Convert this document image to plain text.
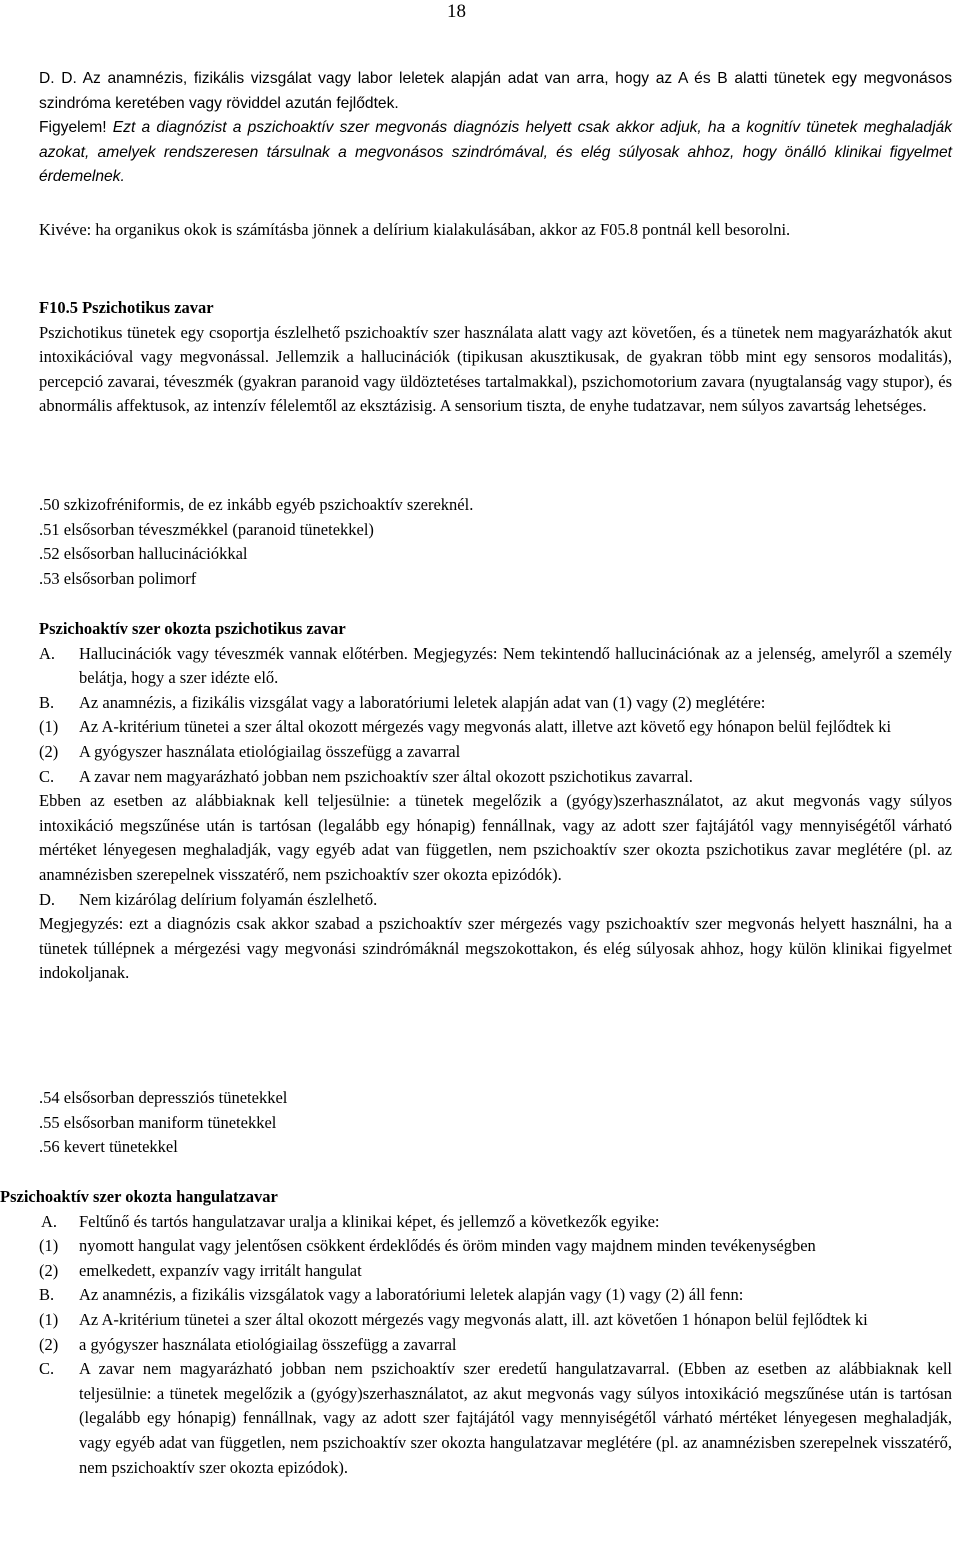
18

D. D. Az anamnézis, fizikális vizsgálat vagy labor leletek alapján adat van arra, hogy az A és B alatti tünetek egy megvonásos szindróma keretében vagy röviddel azután fejlődtek.

Figyelem! Ezt a diagnózist a pszichoaktív szer megvonás diagnózis helyett csak akkor adjuk, ha a kognitív tünetek meghaladják azokat, amelyek rendszeresen társulnak a megvonásos szindrómával, és elég súlyosak ahhoz, hogy önálló klinikai figyelmet érdemelnek.

Kivéve: ha organikus okok is számításba jönnek a delírium kialakulásában, akkor az F05.8 pontnál kell besorolni.

F10.5 Pszichotikus zavar

Pszichotikus tünetek egy csoportja észlelhető pszichoaktív szer használata alatt vagy azt követően, és a tünetek nem magyarázhatók akut intoxikációval vagy megvonással. Jellemzik a hallucinációk (tipikusan akusztikusak, de gyakran több mint egy sensoros modalitás), percepció zavarai, téveszmék (gyakran paranoid vagy üldöztetéses tartalmakkal), pszichomotorium zavara (nyugtalanság vagy stupor), és abnormális affektusok, az intenzív félelemtől az eksztázisig. A sensorium tiszta, de enyhe tudatzavar, nem súlyos zavartság lehetséges.

.50 szkizofréniformis, de ez inkább egyéb pszichoaktív szereknél.

.51 elsősorban téveszmékkel (paranoid tünetekkel)

.52 elsősorban hallucinációkkal

.53 elsősorban polimorf

Pszichoaktív szer okozta pszichotikus zavar

A. Hallucinációk vagy téveszmék vannak előtérben. Megjegyzés: Nem tekintendő hallucinációnak az a jelenség, amelyről a személy belátja, hogy a szer idézte elő.
B. Az anamnézis, a fizikális vizsgálat vagy a laboratóriumi leletek alapján adat van (1) vagy (2) meglétére:
(1) Az A-kritérium tünetei a szer által okozott mérgezés vagy megvonás alatt, illetve azt követő egy hónapon belül fejlődtek ki
(2) A gyógyszer használata etiológiailag összefügg a zavarral
C. A zavar nem magyarázható jobban nem pszichoaktív szer által okozott pszichotikus zavarral.

Ebben az esetben az alábbiaknak kell teljesülnie: a tünetek megelőzik a (gyógy)szerhasználatot, az akut megvonás vagy súlyos intoxikáció megszűnése után is tartósan (legalább egy hónapig) fennállnak, vagy az adott szer fajtájától vagy mennyiségétől várható mértéket lényegesen meghaladják, vagy egyéb adat van független, nem pszichoaktív szer okozta pszichotikus zavar meglétére (pl. az anamnézisben szerepelnek visszatérő, nem pszichoaktív szer okozta epizódók).

D. Nem kizárólag delírium folyamán észlelhető.

Megjegyzés: ezt a diagnózis csak akkor szabad a pszichoaktív szer mérgezés vagy pszichoaktív szer megvonás helyett használni, ha a tünetek túllépnek a mérgezési vagy megvonási szindrómáknál megszokottakon, és elég súlyosak ahhoz, hogy külön klinikai figyelmet indokoljanak.

.54 elsősorban depressziós tünetekkel

.55 elsősorban maniform tünetekkel

.56 kevert tünetekkel

Pszichoaktív szer okozta hangulatzavar

A. Feltűnő és tartós hangulatzavar uralja a klinikai képet, és jellemző a következők egyike:
(1) nyomott hangulat vagy jelentősen csökkent érdeklődés és öröm minden vagy majdnem minden tevékenységben
(2) emelkedett, expanzív vagy irritált hangulat
B. Az anamnézis, a fizikális vizsgálatok vagy a laboratóriumi leletek alapján vagy (1) vagy (2) áll fenn:
(1) Az A-kritérium tünetei a szer által okozott mérgezés vagy megvonás alatt, ill. azt követően 1 hónapon belül fejlődtek ki
(2) a gyógyszer használata etiológiailag összefügg a zavarral
C. A zavar nem magyarázható jobban nem pszichoaktív szer eredetű hangulatzavarral. (Ebben az esetben az alábbiaknak kell teljesülnie: a tünetek megelőzik a (gyógy)szerhasználatot, az akut megvonás vagy súlyos intoxikáció megszűnése után is tartósan (legalább egy hónapig) fennállnak, vagy az adott szer fajtájától vagy mennyiségétől várható mértéket lényegesen meghaladják, vagy egyéb adat van független, nem pszichoaktív szer okozta hangulatzavar meglétére (pl. az anamnézisben szerepelnek visszatérő, nem pszichoaktív szer okozta epizódok).
